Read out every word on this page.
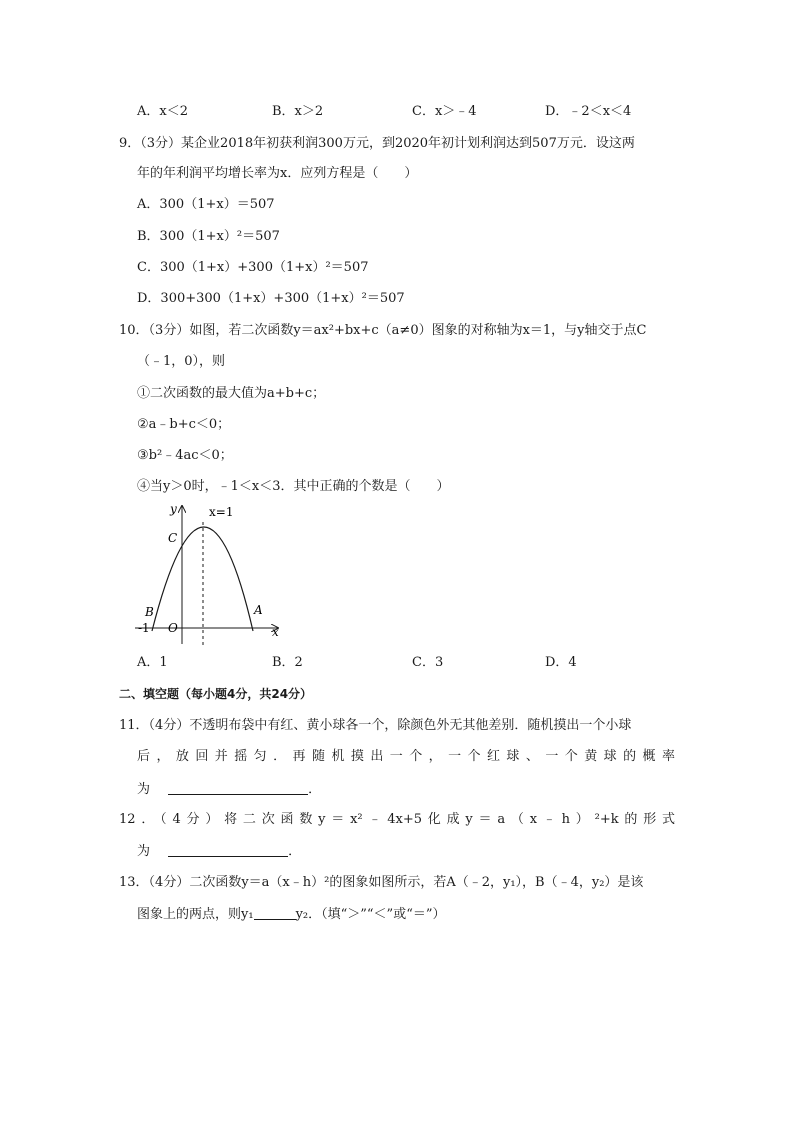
A．x＜2	B．x＞2	C．x＞﹣4	D．﹣2＜x＜4
9．（3分）某企业2018年初获利润300万元，到2020年初计划利润达到507万元．设这两
年的年利润平均增长率为x．应列方程是（　　）
A．300（1+x）＝507
B．300（1+x）²＝507
C．300（1+x）+300（1+x）²＝507
D．300+300（1+x）+300（1+x）²＝507
10．（3分）如图，若二次函数y＝ax²+bx+c（a≠0）图象的对称轴为x＝1，与y轴交于点C
（﹣1，0），则
①二次函数的最大值为a+b+c；
②a﹣b+c＜0；
③b²﹣4ac＜0；
④当y＞0时，﹣1＜x＜3．其中正确的个数是（　　）
y
x
x=1
C
B	A
O
-1
A．1	B．2	C．3	D．4
二、填空题（每小题4分，共24分）
11．（4分）不透明布袋中有红、黄小球各一个，除颜色外无其他差别．随机摸出一个小球
后，放回并摇匀．再随机摸出一个，一个红球、一个黄球的概率
为	．
12．（4分）将二次函数y＝x²﹣4x+5化成y＝a（x﹣h）²+k的形式
为	．
13．（4分）二次函数y＝a（x﹣h）²的图象如图所示，若A（﹣2，y₁），B（﹣4，y₂）是该
图象上的两点，则y₁	y₂．（填“＞”“＜”或“＝”）
